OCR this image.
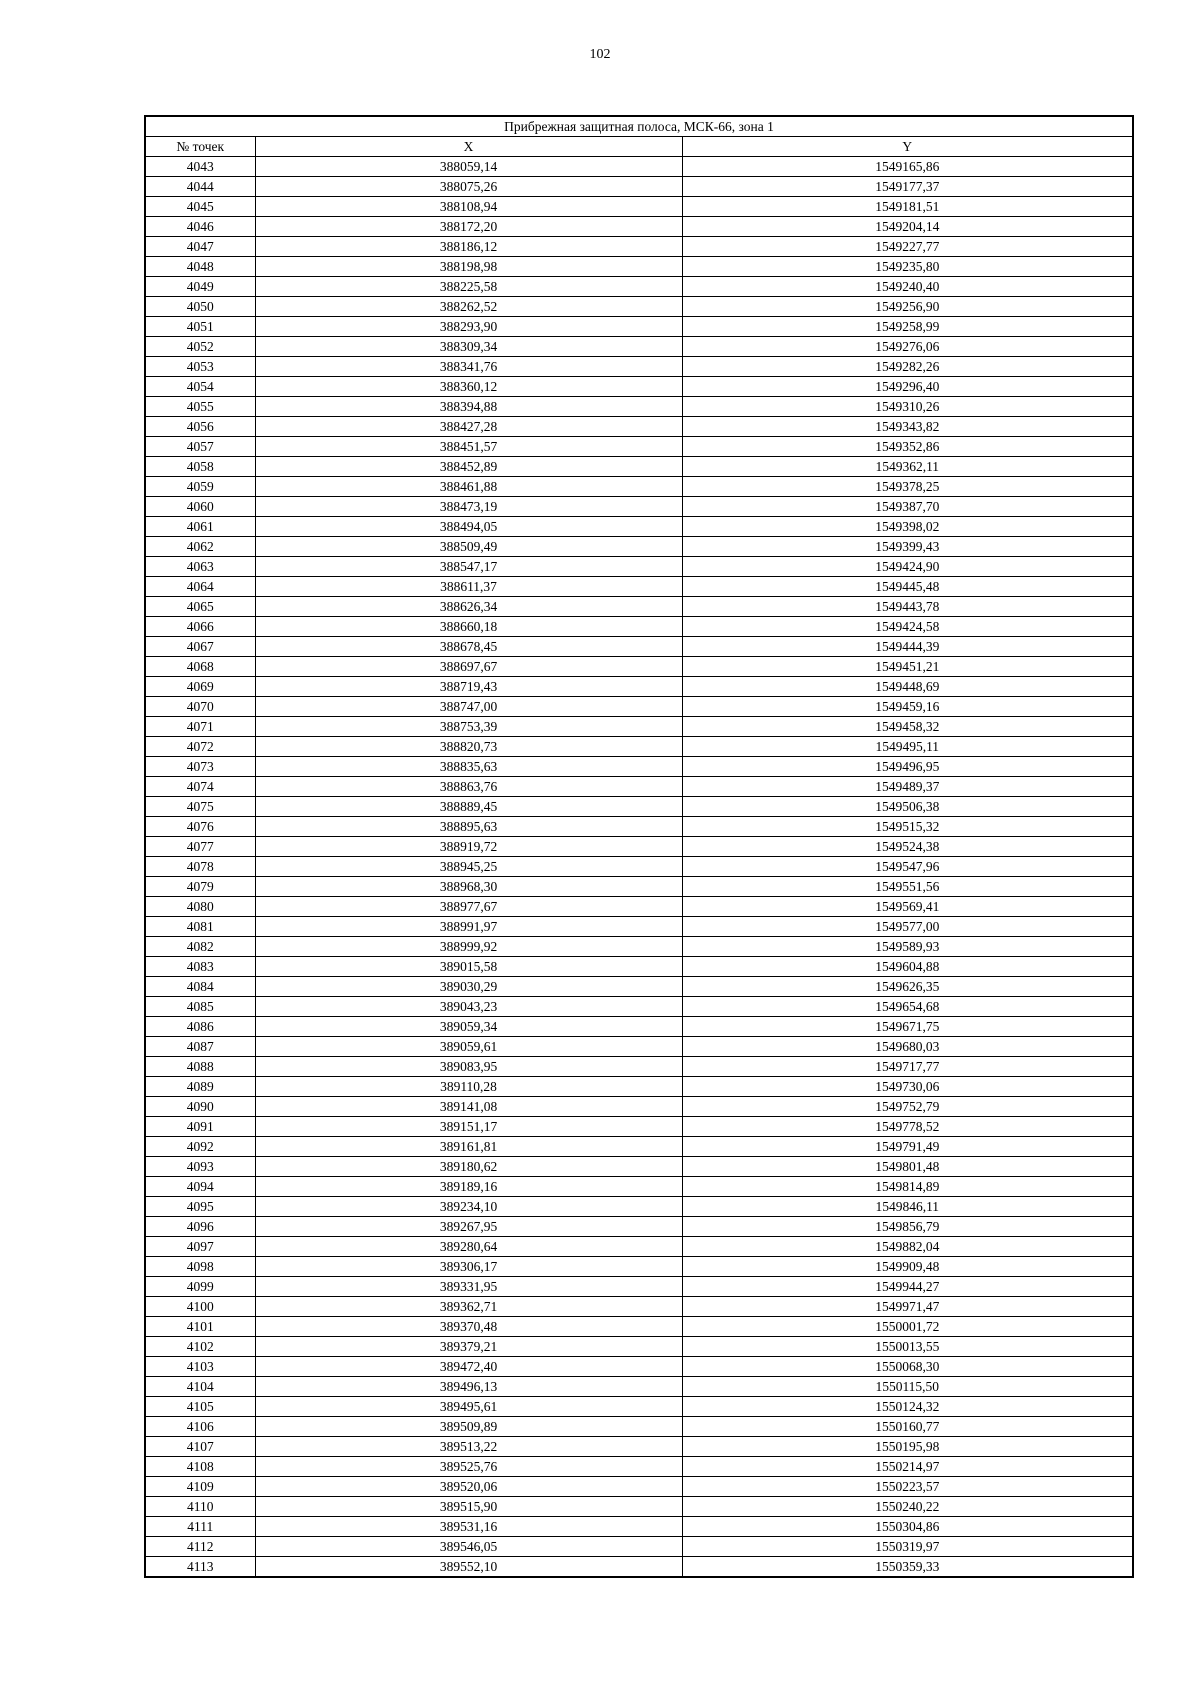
102
Прибрежная защитная полоса, МСК-66, зона 1		
№ точек	X	Y
4043	388059,14	1549165,86
4044	388075,26	1549177,37
4045	388108,94	1549181,51
4046	388172,20	1549204,14
4047	388186,12	1549227,77
4048	388198,98	1549235,80
4049	388225,58	1549240,40
4050	388262,52	1549256,90
4051	388293,90	1549258,99
4052	388309,34	1549276,06
4053	388341,76	1549282,26
4054	388360,12	1549296,40
4055	388394,88	1549310,26
4056	388427,28	1549343,82
4057	388451,57	1549352,86
4058	388452,89	1549362,11
4059	388461,88	1549378,25
4060	388473,19	1549387,70
4061	388494,05	1549398,02
4062	388509,49	1549399,43
4063	388547,17	1549424,90
4064	388611,37	1549445,48
4065	388626,34	1549443,78
4066	388660,18	1549424,58
4067	388678,45	1549444,39
4068	388697,67	1549451,21
4069	388719,43	1549448,69
4070	388747,00	1549459,16
4071	388753,39	1549458,32
4072	388820,73	1549495,11
4073	388835,63	1549496,95
4074	388863,76	1549489,37
4075	388889,45	1549506,38
4076	388895,63	1549515,32
4077	388919,72	1549524,38
4078	388945,25	1549547,96
4079	388968,30	1549551,56
4080	388977,67	1549569,41
4081	388991,97	1549577,00
4082	388999,92	1549589,93
4083	389015,58	1549604,88
4084	389030,29	1549626,35
4085	389043,23	1549654,68
4086	389059,34	1549671,75
4087	389059,61	1549680,03
4088	389083,95	1549717,77
4089	389110,28	1549730,06
4090	389141,08	1549752,79
4091	389151,17	1549778,52
4092	389161,81	1549791,49
4093	389180,62	1549801,48
4094	389189,16	1549814,89
4095	389234,10	1549846,11
4096	389267,95	1549856,79
4097	389280,64	1549882,04
4098	389306,17	1549909,48
4099	389331,95	1549944,27
4100	389362,71	1549971,47
4101	389370,48	1550001,72
4102	389379,21	1550013,55
4103	389472,40	1550068,30
4104	389496,13	1550115,50
4105	389495,61	1550124,32
4106	389509,89	1550160,77
4107	389513,22	1550195,98
4108	389525,76	1550214,97
4109	389520,06	1550223,57
4110	389515,90	1550240,22
4111	389531,16	1550304,86
4112	389546,05	1550319,97
4113	389552,10	1550359,33
